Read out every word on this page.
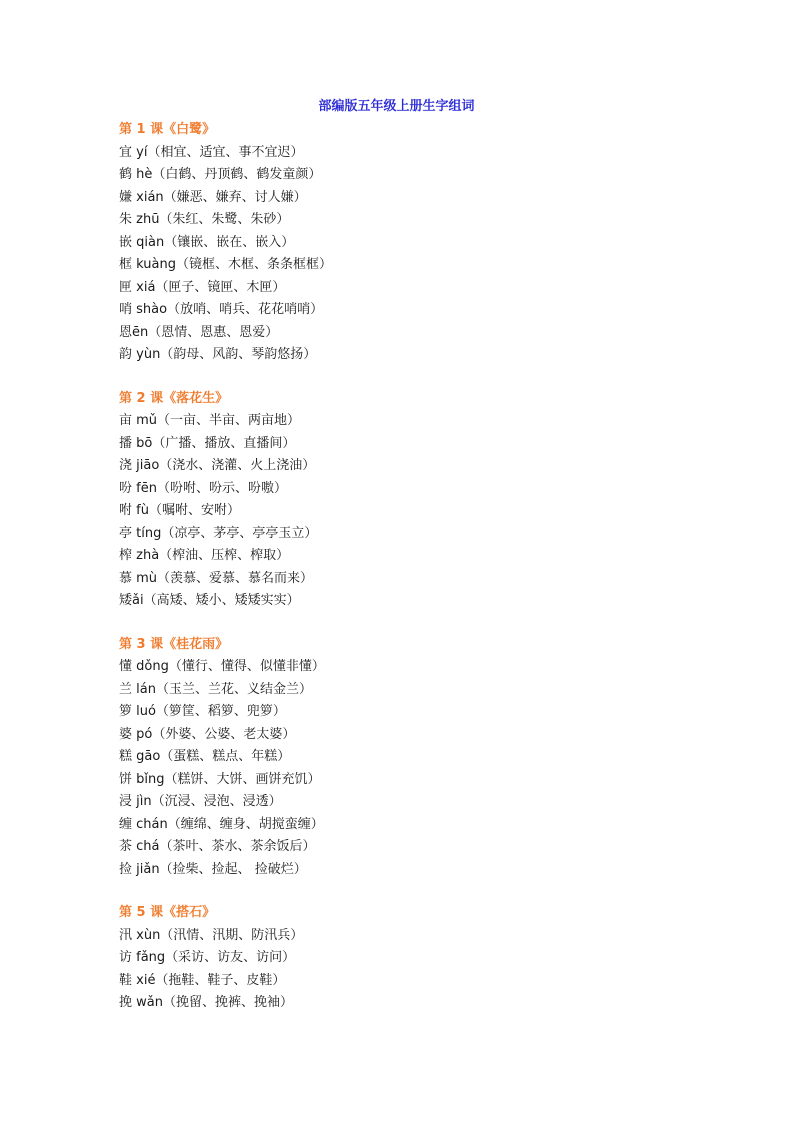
部编版五年级上册生字组词
第 1 课《白鹭》
宜 yí（相宜、适宜、事不宜迟）
鹤 hè（白鹤、丹顶鹤、鹤发童颜）
嫌 xián（嫌恶、嫌弃、讨人嫌）
朱 zhū（朱红、朱鹭、朱砂）
嵌 qiàn（镶嵌、嵌在、嵌入）
框 kuàng（镜框、木框、条条框框）
匣 xiá（匣子、镜匣、木匣）
哨 shào（放哨、哨兵、花花哨哨）
恩ēn（恩情、恩惠、恩爱）
韵 yùn（韵母、风韵、琴韵悠扬）
第 2 课《落花生》
亩 mǔ（一亩、半亩、两亩地）
播 bō（广播、播放、直播间）
浇 jiāo（浇水、浇灌、火上浇油）
吩 fēn（吩咐、吩示、吩嗷）
咐 fù（嘱咐、安咐）
亭 tíng（凉亭、茅亭、亭亭玉立）
榨 zhà（榨油、压榨、榨取）
慕 mù（羡慕、爱慕、慕名而来）
矮ǎi（高矮、矮小、矮矮实实）
第 3 课《桂花雨》
懂 dǒng（懂行、懂得、似懂非懂）
兰 lán（玉兰、兰花、义结金兰）
箩 luó（箩筐、稻箩、兜箩）
婆 pó（外婆、公婆、老太婆）
糕 gāo（蛋糕、糕点、年糕）
饼 bǐng（糕饼、大饼、画饼充饥）
浸 jìn（沉浸、浸泡、浸透）
缠 chán（缠绵、缠身、胡搅蛮缠）
茶 chá（茶叶、茶水、茶余饭后）
捡 jiǎn（捡柴、捡起、 捡破烂）
第 5 课《搭石》
汛 xùn（汛情、汛期、防汛兵）
访 fǎng（采访、访友、访问）
鞋 xié（拖鞋、鞋子、皮鞋）
挽 wǎn（挽留、挽裤、挽袖）
